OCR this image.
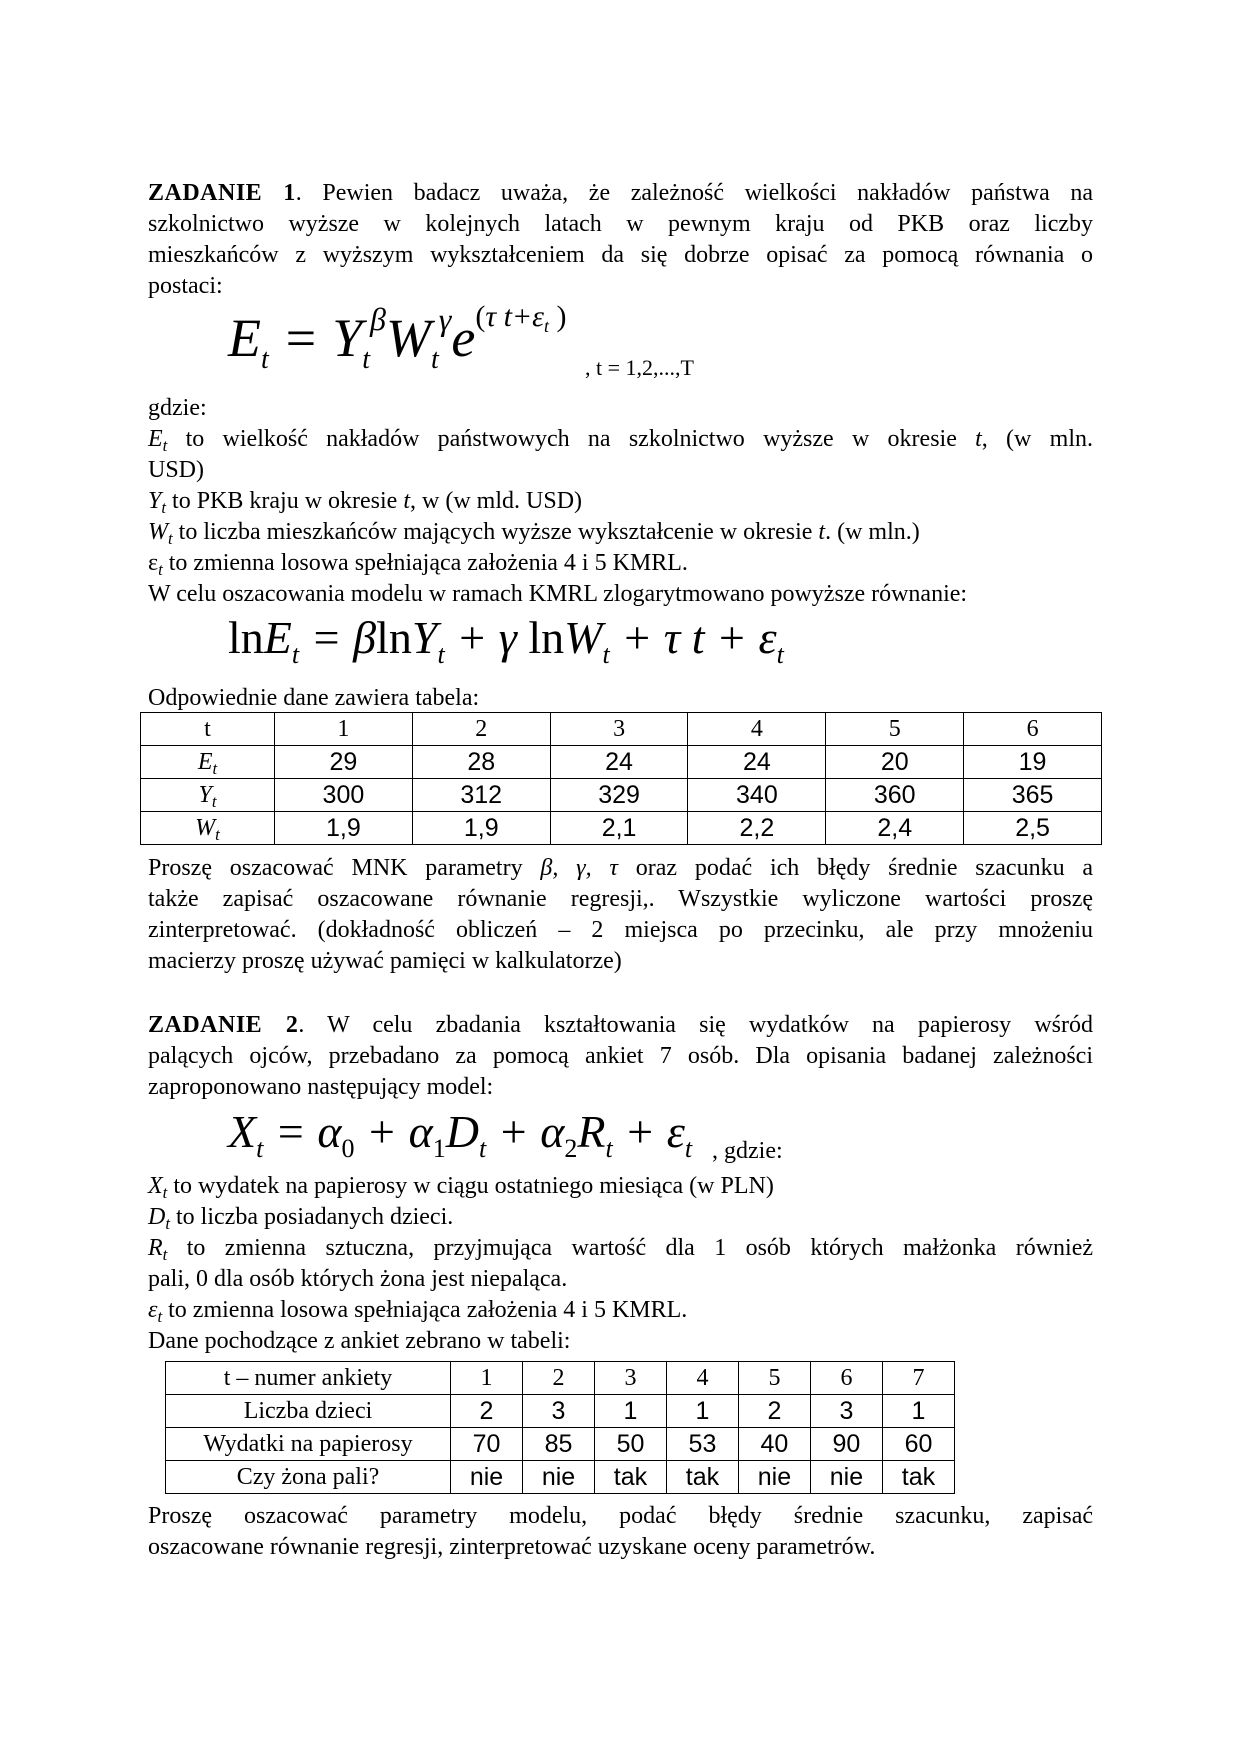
ZADANIE 1. Pewien badacz uważa, że zależność wielkości nakładów państwa na
szkolnictwo wyższe w kolejnych latach w pewnym kraju od PKB oraz liczby
mieszkańców z wyższym wykształceniem da się dobrze opisać za pomocą równania o
postaci:
$E_t = Y_t^\beta W_t^\gamma e^{(\tau t+\varepsilon_t )}$
, t = 1,2,...,T
gdzie:
$E_t$ to wielkość nakładów państwowych na szkolnictwo wyższe w okresie t, (w mln.
USD)
$Y_t$ to PKB kraju w okresie t, w (w mld. USD)
$W_t$ to liczba mieszkańców mających wyższe wykształcenie w okresie t. (w mln.)
$\varepsilon_t$ to zmienna losowa spełniająca założenia 4 i 5 KMRL.
W celu oszacowania modelu w ramach KMRL zlogarytmowano powyższe równanie:
lnE$_t$ = βlnY$_t$ + γ lnW$_t$ + τ $t + \varepsilon_t$
Odpowiednie dane zawiera tabela:
t	1	2	3	4	5	6
$E_t$	29	28	24	24	20	19
$Y_t$	300	312	329	340	360	365
$W_t$	1,9	1,9	2,1	2,2	2,4	2,5
Proszę oszacować MNK parametry β, γ, τ oraz podać ich błędy średnie szacunku a
także zapisać oszacowane równanie regresji,. Wszystkie wyliczone wartości proszę
zinterpretować. (dokładność obliczeń – 2 miejsca po przecinku, ale przy mnożeniu
macierzy proszę używać pamięci w kalkulatorze)
ZADANIE 2. W celu zbadania kształtowania się wydatków na papierosy wśród
palących ojców, przebadano za pomocą ankiet 7 osób. Dla opisania badanej zależności
zaproponowano następujący model:
$X_t = \alpha_0 + \alpha_1D_t + \alpha_2R_t + \varepsilon_t$ , gdzie:
$X_t$ to wydatek na papierosy w ciągu ostatniego miesiąca (w PLN)
$D_t$ to liczba posiadanych dzieci.
$R_t$ to zmienna sztuczna, przyjmująca wartość dla 1 osób których małżonka również
pali, 0 dla osób których żona jest niepaląca.
$\varepsilon_t$ to zmienna losowa spełniająca założenia 4 i 5 KMRL.
Dane pochodzące z ankiet zebrano w tabeli:
t – numer ankiety	1	2	3	4	5	6	7
Liczba dzieci	2	3	1	1	2	3	1
Wydatki na papierosy	70	85	50	53	40	90	60
Czy żona pali?	nie	nie	tak	tak	nie	nie	tak
Proszę oszacować parametry modelu, podać błędy średnie szacunku, zapisać
oszacowane równanie regresji, zinterpretować uzyskane oceny parametrów.
